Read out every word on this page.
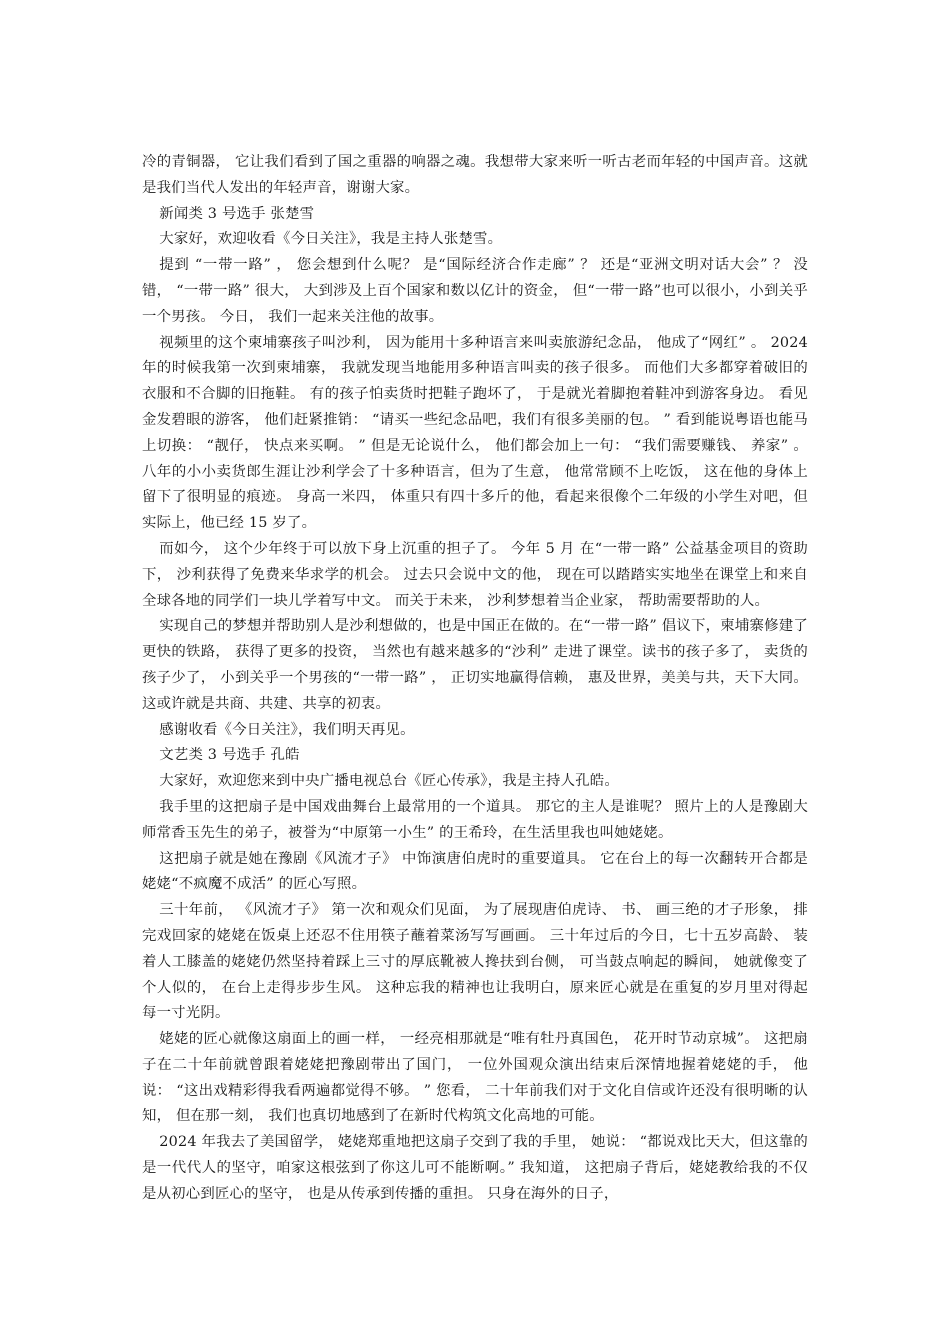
冷的青铜器， 它让我们看到了国之重器的响器之魂。我想带大家来听一听古老而年轻的中国声音。这就是我们当代人发出的年轻声音，谢谢大家。

新闻类 3 号选手 张楚雪

大家好，欢迎收看《今日关注》，我是主持人张楚雪。

提到 “一带一路” ， 您会想到什么呢？ 是“国际经济合作走廊” ？ 还是“亚洲文明对话大会” ？ 没错， “一带一路” 很大， 大到涉及上百个国家和数以亿计的资金， 但“一带一路”也可以很小，小到关乎一个男孩。 今日， 我们一起来关注他的故事。

视频里的这个柬埔寨孩子叫沙利， 因为能用十多种语言来叫卖旅游纪念品， 他成了“网红” 。 2024 年的时候我第一次到柬埔寨， 我就发现当地能用多种语言叫卖的孩子很多。 而他们大多都穿着破旧的衣服和不合脚的旧拖鞋。 有的孩子怕卖货时把鞋子跑坏了， 于是就光着脚抱着鞋冲到游客身边。 看见金发碧眼的游客， 他们赶紧推销： “请买一些纪念品吧，我们有很多美丽的包。 ” 看到能说粤语也能马上切换： “靓仔， 快点来买啊。 ” 但是无论说什么， 他们都会加上一句： “我们需要赚钱、 养家” 。 八年的小小卖货郎生涯让沙利学会了十多种语言，但为了生意， 他常常顾不上吃饭， 这在他的身体上留下了很明显的痕迹。 身高一米四， 体重只有四十多斤的他，看起来很像个二年级的小学生对吧，但实际上，他已经 15 岁了。

而如今， 这个少年终于可以放下身上沉重的担子了。 今年 5 月 在“一带一路” 公益基金项目的资助下， 沙利获得了免费来华求学的机会。 过去只会说中文的他， 现在可以踏踏实实地坐在课堂上和来自全球各地的同学们一块儿学着写中文。 而关于未来， 沙利梦想着当企业家， 帮助需要帮助的人。

实现自己的梦想并帮助别人是沙利想做的，也是中国正在做的。在“一带一路” 倡议下，柬埔寨修建了更快的铁路， 获得了更多的投资， 当然也有越来越多的“沙利” 走进了课堂。读书的孩子多了， 卖货的孩子少了， 小到关乎一个男孩的“一带一路” ， 正切实地赢得信赖， 惠及世界，美美与共，天下大同。这或许就是共商、共建、共享的初衷。

感谢收看《今日关注》，我们明天再见。

文艺类 3 号选手 孔皓

大家好，欢迎您来到中央广播电视总台《匠心传承》，我是主持人孔皓。

我手里的这把扇子是中国戏曲舞台上最常用的一个道具。 那它的主人是谁呢？ 照片上的人是豫剧大师常香玉先生的弟子，被誉为“中原第一小生” 的王希玲，在生活里我也叫她姥姥。

这把扇子就是她在豫剧《风流才子》 中饰演唐伯虎时的重要道具。 它在台上的每一次翻转开合都是姥姥“不疯魔不成活” 的匠心写照。

三十年前， 《风流才子》 第一次和观众们见面， 为了展现唐伯虎诗、 书、 画三绝的才子形象， 排完戏回家的姥姥在饭桌上还忍不住用筷子蘸着菜汤写写画画。 三十年过后的今日，七十五岁高龄、 装着人工膝盖的姥姥仍然坚持着踩上三寸的厚底靴被人搀扶到台侧， 可当鼓点响起的瞬间， 她就像变了个人似的， 在台上走得步步生风。 这种忘我的精神也让我明白，原来匠心就是在重复的岁月里对得起每一寸光阴。

姥姥的匠心就像这扇面上的画一样， 一经亮相那就是“唯有牡丹真国色， 花开时节动京城”。 这把扇子在二十年前就曾跟着姥姥把豫剧带出了国门， 一位外国观众演出结束后深情地握着姥姥的手， 他说： “这出戏精彩得我看两遍都觉得不够。 ” 您看， 二十年前我们对于文化自信或许还没有很明晰的认知， 但在那一刻， 我们也真切地感到了在新时代构筑文化高地的可能。

2024 年我去了美国留学， 姥姥郑重地把这扇子交到了我的手里， 她说： “都说戏比天大，但这靠的是一代代人的坚守，咱家这根弦到了你这儿可不能断啊。” 我知道， 这把扇子背后，姥姥教给我的不仅是从初心到匠心的坚守， 也是从传承到传播的重担。 只身在海外的日子，
